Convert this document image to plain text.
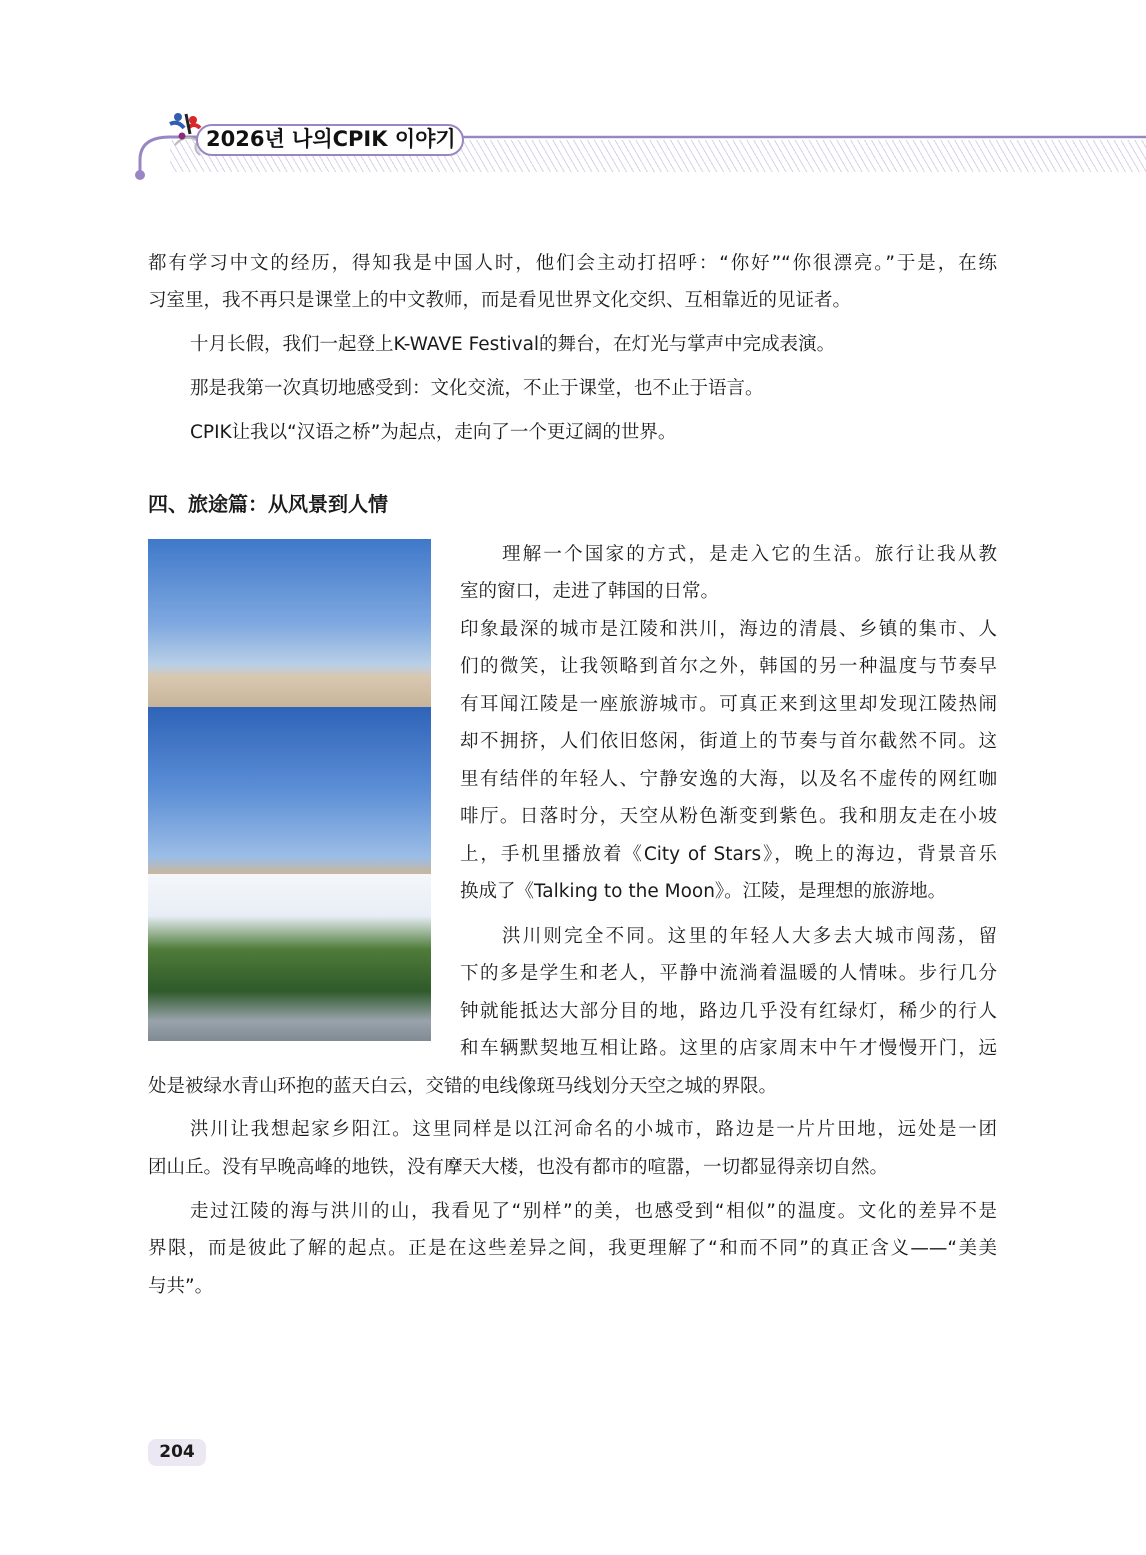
2026년 나의CPIK 이야기
都有学习中文的经历，得知我是中国人时，他们会主动打招呼：“你好”“你很漂亮。”于是，在练
习室里，我不再只是课堂上的中文教师，而是看见世界文化交织、互相靠近的见证者。
十月长假，我们一起登上K-WAVE Festival的舞台，在灯光与掌声中完成表演。
那是我第一次真切地感受到：文化交流，不止于课堂，也不止于语言。
CPIK让我以“汉语之桥”为起点，走向了一个更辽阔的世界。
四、旅途篇：从风景到人情
理解一个国家的方式，是走入它的生活。旅行让我从教
室的窗口，走进了韩国的日常。
印象最深的城市是江陵和洪川，海边的清晨、乡镇的集市、人
们的微笑，让我领略到首尔之外，韩国的另一种温度与节奏早
有耳闻江陵是一座旅游城市。可真正来到这里却发现江陵热闹
却不拥挤，人们依旧悠闲，街道上的节奏与首尔截然不同。这
里有结伴的年轻人、宁静安逸的大海，以及名不虚传的网红咖
啡厅。日落时分，天空从粉色渐变到紫色。我和朋友走在小坡
上，手机里播放着《City of Stars》，晚上的海边，背景音乐
换成了《Talking to the Moon》。江陵，是理想的旅游地。
洪川则完全不同。这里的年轻人大多去大城市闯荡，留
下的多是学生和老人，平静中流淌着温暖的人情味。步行几分
钟就能抵达大部分目的地，路边几乎没有红绿灯，稀少的行人
和车辆默契地互相让路。这里的店家周末中午才慢慢开门，远
处是被绿水青山环抱的蓝天白云，交错的电线像斑马线划分天空之城的界限。
洪川让我想起家乡阳江。这里同样是以江河命名的小城市，路边是一片片田地，远处是一团
团山丘。没有早晚高峰的地铁，没有摩天大楼，也没有都市的喧嚣，一切都显得亲切自然。
走过江陵的海与洪川的山，我看见了“别样”的美，也感受到“相似”的温度。文化的差异不是
界限，而是彼此了解的起点。正是在这些差异之间，我更理解了“和而不同”的真正含义——“美美
与共”。
204
